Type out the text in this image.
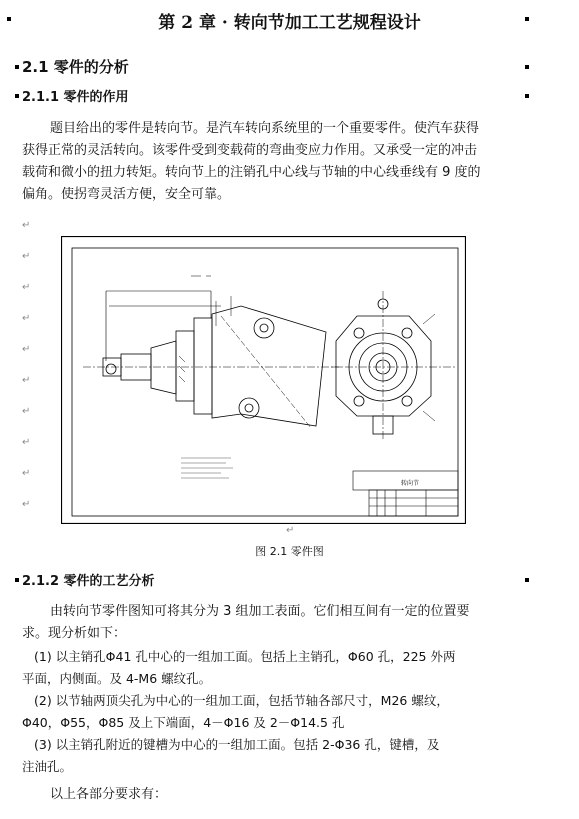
第 2 章 · 转向节加工工艺规程设计
2.1 零件的分析
2.1.1 零件的作用
题目给出的零件是转向节。是汽车转向系统里的一个重要零件。使汽车获得
获得正常的灵活转向。该零件受到变载荷的弯曲变应力作用。又承受一定的冲击
载荷和微小的扭力转矩。转向节上的注销孔中心线与节轴的中心线垂线有 9 度的
偏角。使拐弯灵活方便，安全可靠。
↵
↵
↵
↵
↵
↵
↵
↵
↵
↵
转向节
↵
图 2.1 零件图
2.1.2 零件的工艺分析
由转向节零件图知可将其分为 3 组加工表面。它们相互间有一定的位置要
求。现分析如下：
(1) 以主销孔Φ41 孔中心的一组加工面。包括上主销孔，Φ60 孔，225 外两
平面，内侧面。及 4-M6 螺纹孔。
(2) 以节轴两顶尖孔为中心的一组加工面，包括节轴各部尺寸，M26 螺纹，
Φ40，Φ55，Φ85 及上下端面，4－Φ16 及 2－Φ14.5 孔
(3) 以主销孔附近的键槽为中心的一组加工面。包括 2-Φ36 孔，键槽，及
注油孔。
以上各部分要求有：
